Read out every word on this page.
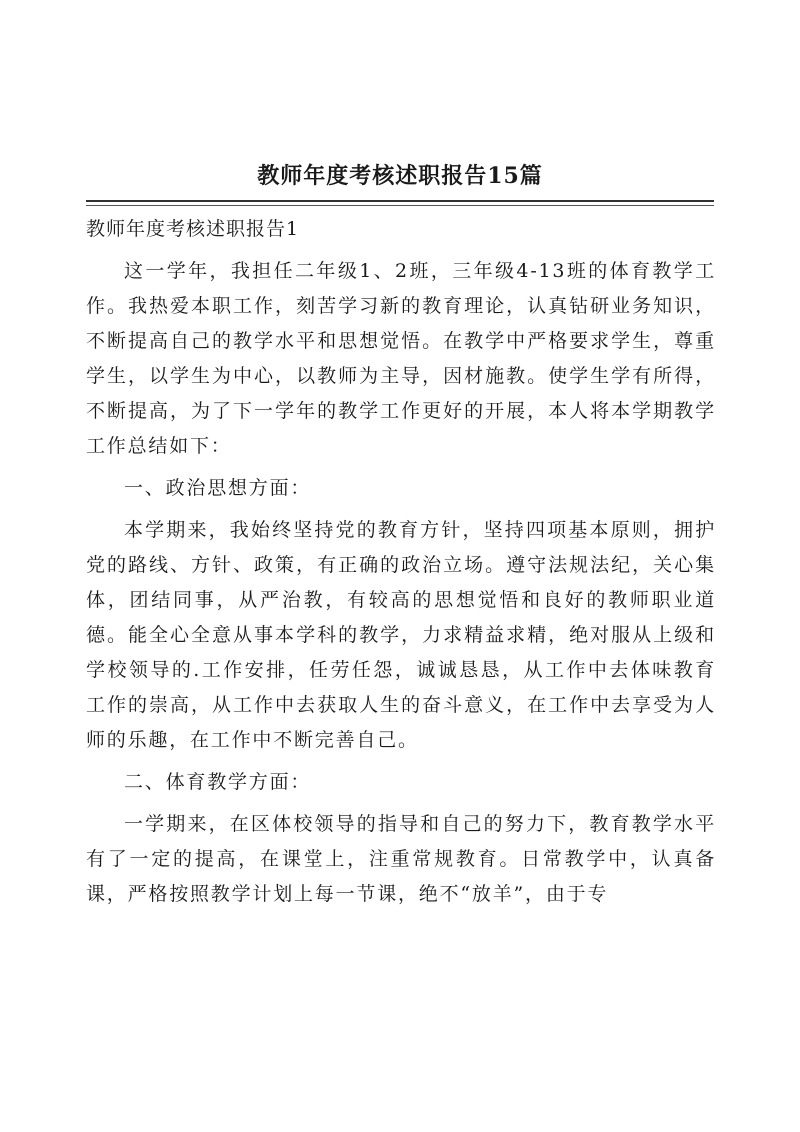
教师年度考核述职报告15篇

教师年度考核述职报告1

这一学年，我担任二年级1、2班，三年级4-13班的体育教学工作。我热爱本职工作，刻苦学习新的教育理论，认真钻研业务知识，不断提高自己的教学水平和思想觉悟。在教学中严格要求学生，尊重学生，以学生为中心，以教师为主导，因材施教。使学生学有所得，不断提高，为了下一学年的教学工作更好的开展，本人将本学期教学工作总结如下：

一、政治思想方面：

本学期来，我始终坚持党的教育方针，坚持四项基本原则，拥护党的路线、方针、政策，有正确的政治立场。遵守法规法纪，关心集体，团结同事，从严治教，有较高的思想觉悟和良好的教师职业道德。能全心全意从事本学科的教学，力求精益求精，绝对服从上级和学校领导的.工作安排，任劳任怨，诚诚恳恳，从工作中去体味教育工作的崇高，从工作中去获取人生的奋斗意义，在工作中去享受为人师的乐趣，在工作中不断完善自己。

二、体育教学方面：

一学期来，在区体校领导的指导和自己的努力下，教育教学水平有了一定的提高，在课堂上，注重常规教育。日常教学中，认真备课，严格按照教学计划上每一节课，绝不“放羊”，由于专
